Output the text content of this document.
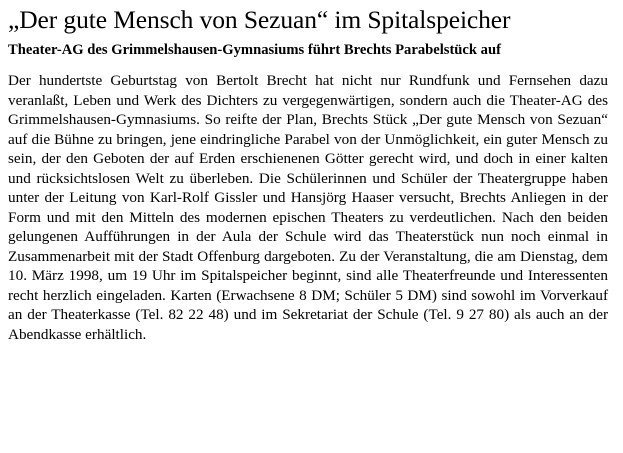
„Der gute Mensch von Sezuan“ im Spitalspeicher
Theater-AG des Grimmelshausen-Gymnasiums führt Brechts Parabelstück auf

Der hundertste Geburtstag von Bertolt Brecht hat nicht nur Rundfunk und Fernsehen dazu veranlaßt, Leben und Werk des Dichters zu vergegenwärtigen, sondern auch die Theater-AG des Grimmelshausen-Gymnasiums. So reifte der Plan, Brechts Stück „Der gute Mensch von Sezuan“ auf die Bühne zu bringen, jene eindringliche Parabel von der Unmöglichkeit, ein guter Mensch zu sein, der den Geboten der auf Erden erschienenen Götter gerecht wird, und doch in einer kalten und rücksichtslosen Welt zu überleben. Die Schülerinnen und Schüler der Theatergruppe haben unter der Leitung von Karl-Rolf Gissler und Hansjörg Haaser versucht, Brechts Anliegen in der Form und mit den Mitteln des modernen epischen Theaters zu verdeutlichen. Nach den beiden gelungenen Aufführungen in der Aula der Schule wird das Theaterstück nun noch einmal in Zusammenarbeit mit der Stadt Offenburg dargeboten. Zu der Veranstaltung, die am Dienstag, dem 10. März 1998, um 19 Uhr im Spitalspeicher beginnt, sind alle Theaterfreunde und Interessenten recht herzlich eingeladen. Karten (Erwachsene 8 DM; Schüler 5 DM) sind sowohl im Vorverkauf an der Theaterkasse (Tel. 82 22 48) und im Sekretariat der Schule (Tel. 9 27 80) als auch an der Abendkasse erhältlich.
